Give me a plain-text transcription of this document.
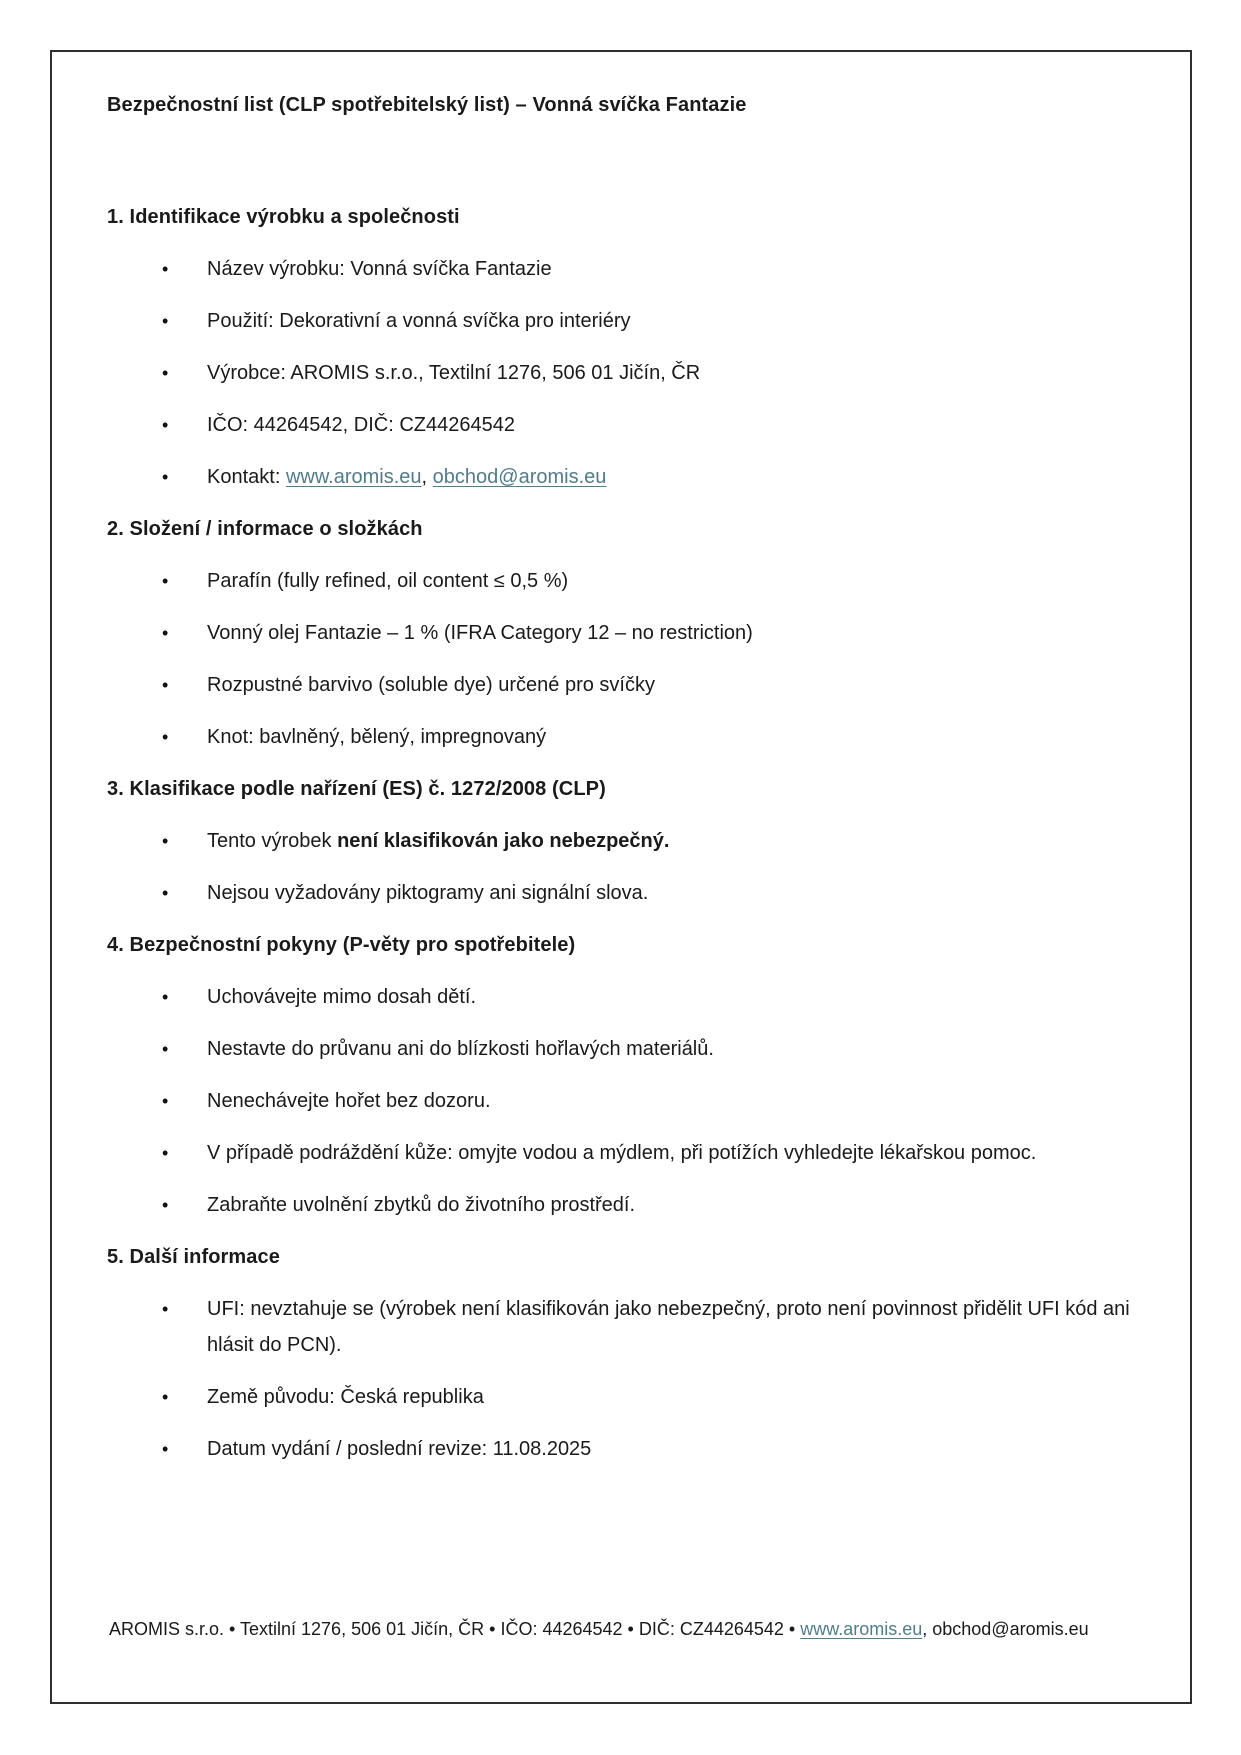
Bezpečnostní list (CLP spotřebitelský list) – Vonná svíčka Fantazie
1. Identifikace výrobku a společnosti
• Název výrobku: Vonná svíčka Fantazie
• Použití: Dekorativní a vonná svíčka pro interiéry
• Výrobce: AROMIS s.r.o., Textilní 1276, 506 01 Jičín, ČR
• IČO: 44264542, DIČ: CZ44264542
• Kontakt: www.aromis.eu, obchod@aromis.eu
2. Složení / informace o složkách
• Parafín (fully refined, oil content ≤ 0,5 %)
• Vonný olej Fantazie – 1 % (IFRA Category 12 – no restriction)
• Rozpustné barvivo (soluble dye) určené pro svíčky
• Knot: bavlněný, bělený, impregnovaný
3. Klasifikace podle nařízení (ES) č. 1272/2008 (CLP)
• Tento výrobek není klasifikován jako nebezpečný.
• Nejsou vyžadovány piktogramy ani signální slova.
4. Bezpečnostní pokyny (P-věty pro spotřebitele)
• Uchovávejte mimo dosah dětí.
• Nestavte do průvanu ani do blízkosti hořlavých materiálů.
• Nenechávejte hořet bez dozoru.
• V případě podráždění kůže: omyjte vodou a mýdlem, při potížích vyhledejte lékařskou pomoc.
• Zabraňte uvolnění zbytků do životního prostředí.
5. Další informace
• UFI: nevztahuje se (výrobek není klasifikován jako nebezpečný, proto není povinnost přidělit UFI kód ani hlásit do PCN).
• Země původu: Česká republika
• Datum vydání / poslední revize: 11.08.2025
AROMIS s.r.o. • Textilní 1276, 506 01 Jičín, ČR • IČO: 44264542 • DIČ: CZ44264542 • www.aromis.eu, obchod@aromis.eu
